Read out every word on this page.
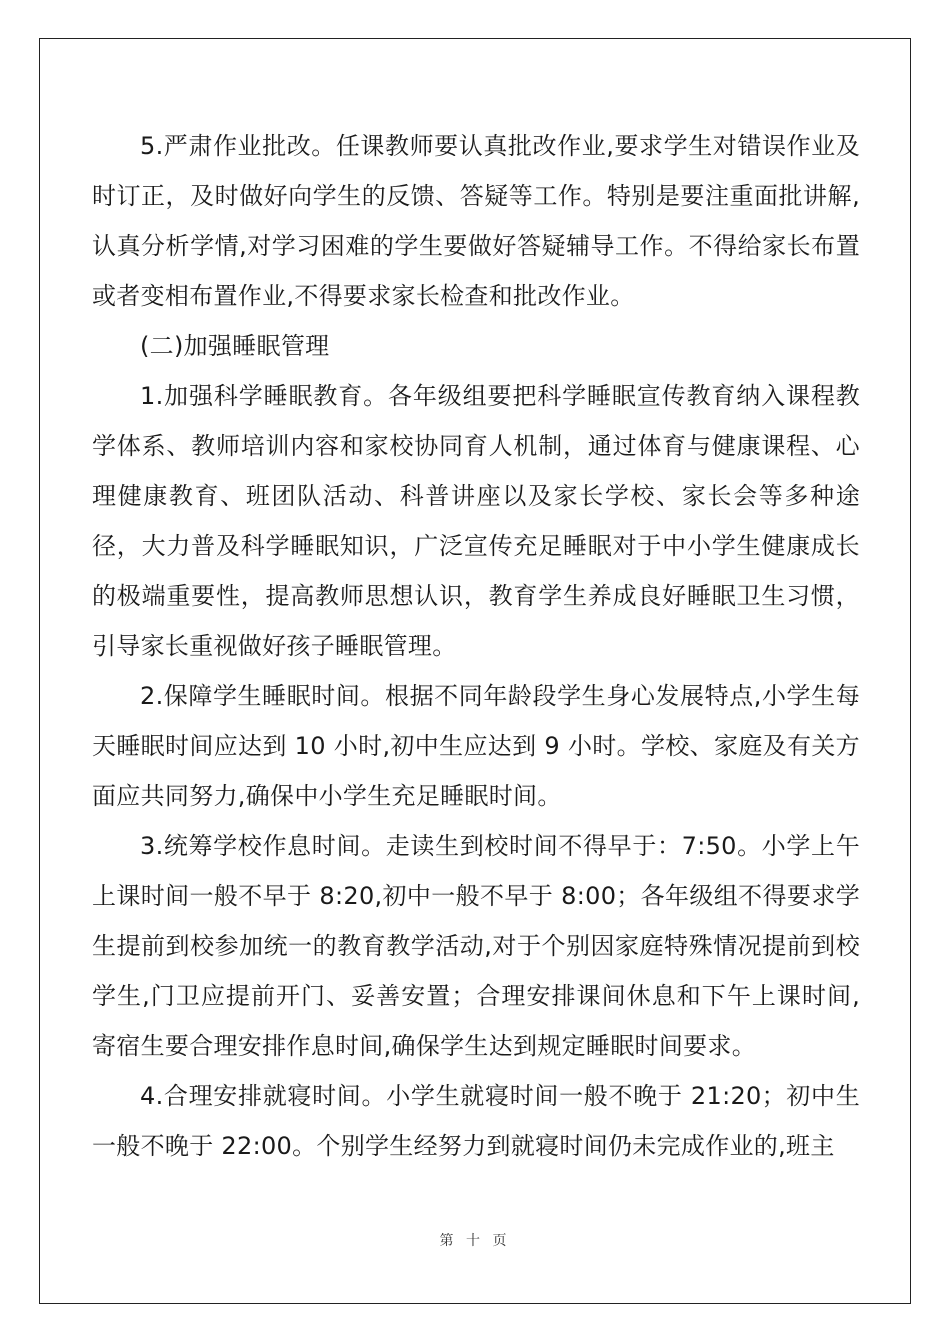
5.严肃作业批改。任课教师要认真批改作业,要求学生对错误作业及时订正，及时做好向学生的反馈、答疑等工作。特别是要注重面批讲解,认真分析学情,对学习困难的学生要做好答疑辅导工作。不得给家长布置或者变相布置作业,不得要求家长检查和批改作业。

(二)加强睡眠管理

1.加强科学睡眠教育。各年级组要把科学睡眠宣传教育纳入课程教学体系、教师培训内容和家校协同育人机制，通过体育与健康课程、心理健康教育、班团队活动、科普讲座以及家长学校、家长会等多种途径，大力普及科学睡眠知识，广泛宣传充足睡眠对于中小学生健康成长的极端重要性，提高教师思想认识，教育学生养成良好睡眠卫生习惯，引导家长重视做好孩子睡眠管理。

2.保障学生睡眠时间。根据不同年龄段学生身心发展特点,小学生每天睡眠时间应达到 10 小时,初中生应达到 9 小时。学校、家庭及有关方面应共同努力,确保中小学生充足睡眠时间。

3.统筹学校作息时间。走读生到校时间不得早于：7:50。小学上午上课时间一般不早于 8:20,初中一般不早于 8:00；各年级组不得要求学生提前到校参加统一的教育教学活动,对于个别因家庭特殊情况提前到校学生,门卫应提前开门、妥善安置；合理安排课间休息和下午上课时间,寄宿生要合理安排作息时间,确保学生达到规定睡眠时间要求。

4.合理安排就寝时间。小学生就寝时间一般不晚于 21:20；初中生一般不晚于 22:00。个别学生经努力到就寝时间仍未完成作业的,班主

第 十 页
